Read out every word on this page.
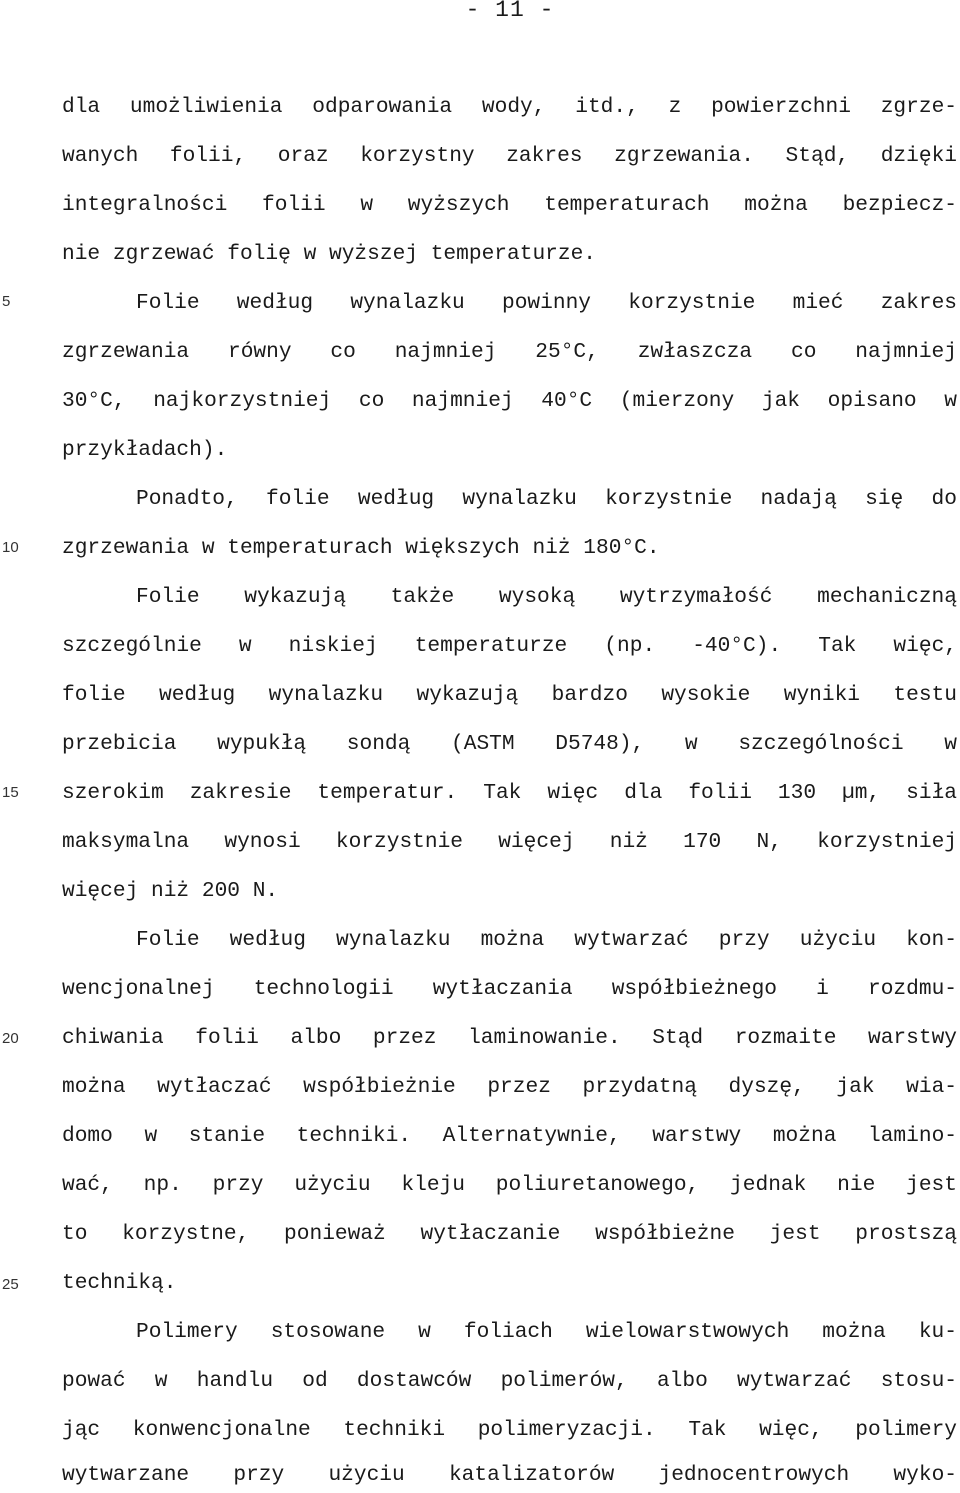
- 11 -
5
10
15
20
25
dla umożliwienia odparowania wody, itd., z powierzchni zgrze-
wanych folii, oraz korzystny zakres zgrzewania. Stąd, dzięki
integralności folii w wyższych temperaturach można bezpiecz-
nie zgrzewać folię w wyższej temperaturze.
Folie według wynalazku powinny korzystnie mieć zakres
zgrzewania równy co najmniej 25°C, zwłaszcza co najmniej
30°C, najkorzystniej co najmniej 40°C (mierzony jak opisano w
przykładach).
Ponadto, folie według wynalazku korzystnie nadają się do
zgrzewania w temperaturach większych niż 180°C.
Folie wykazują także wysoką wytrzymałość mechaniczną
szczególnie w niskiej temperaturze (np. -40°C). Tak więc,
folie według wynalazku wykazują bardzo wysokie wyniki testu
przebicia wypukłą sondą (ASTM D5748), w szczególności w
szerokim zakresie temperatur. Tak więc dla folii 130 µm, siła
maksymalna wynosi korzystnie więcej niż 170 N, korzystniej
więcej niż 200 N.
Folie według wynalazku można wytwarzać przy użyciu kon-
wencjonalnej technologii wytłaczania współbieżnego i rozdmu-
chiwania folii albo przez laminowanie. Stąd rozmaite warstwy
można wytłaczać współbieżnie przez przydatną dyszę, jak wia-
domo w stanie techniki. Alternatywnie, warstwy można lamino-
wać, np. przy użyciu kleju poliuretanowego, jednak nie jest
to korzystne, ponieważ wytłaczanie współbieżne jest prostszą
techniką.
Polimery stosowane w foliach wielowarstwowych można ku-
pować w handlu od dostawców polimerów, albo wytwarzać stosu-
jąc konwencjonalne techniki polimeryzacji. Tak więc, polimery
wytwarzane przy użyciu katalizatorów jednocentrowych wyko-
